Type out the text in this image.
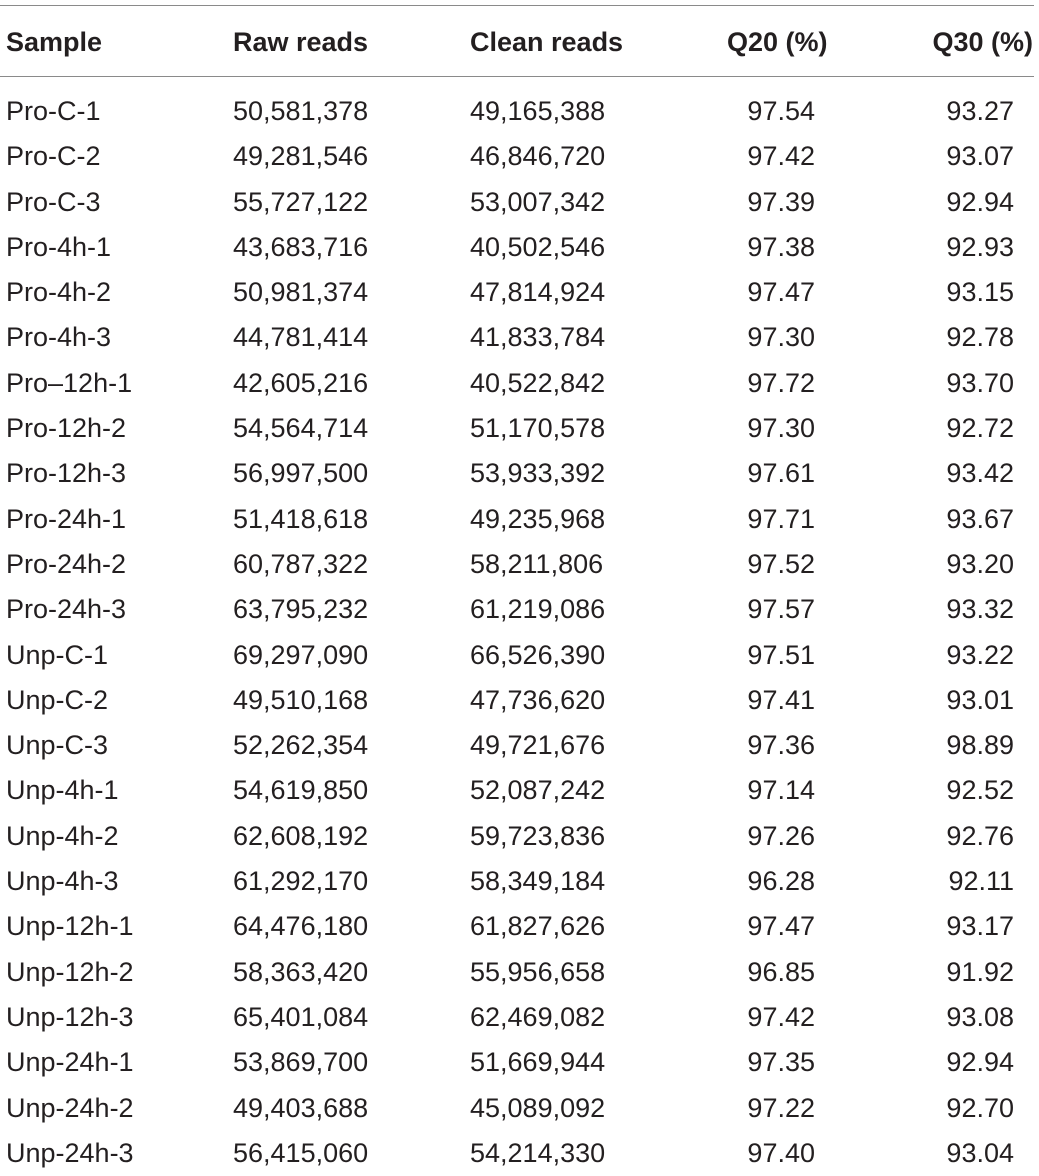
Sample	Raw reads	Clean reads	Q20 (%)	Q30 (%)
Pro-C-1	50,581,378	49,165,388	97.54	93.27
Pro-C-2	49,281,546	46,846,720	97.42	93.07
Pro-C-3	55,727,122	53,007,342	97.39	92.94
Pro-4h-1	43,683,716	40,502,546	97.38	92.93
Pro-4h-2	50,981,374	47,814,924	97.47	93.15
Pro-4h-3	44,781,414	41,833,784	97.30	92.78
Pro–12h-1	42,605,216	40,522,842	97.72	93.70
Pro-12h-2	54,564,714	51,170,578	97.30	92.72
Pro-12h-3	56,997,500	53,933,392	97.61	93.42
Pro-24h-1	51,418,618	49,235,968	97.71	93.67
Pro-24h-2	60,787,322	58,211,806	97.52	93.20
Pro-24h-3	63,795,232	61,219,086	97.57	93.32
Unp-C-1	69,297,090	66,526,390	97.51	93.22
Unp-C-2	49,510,168	47,736,620	97.41	93.01
Unp-C-3	52,262,354	49,721,676	97.36	98.89
Unp-4h-1	54,619,850	52,087,242	97.14	92.52
Unp-4h-2	62,608,192	59,723,836	97.26	92.76
Unp-4h-3	61,292,170	58,349,184	96.28	92.11
Unp-12h-1	64,476,180	61,827,626	97.47	93.17
Unp-12h-2	58,363,420	55,956,658	96.85	91.92
Unp-12h-3	65,401,084	62,469,082	97.42	93.08
Unp-24h-1	53,869,700	51,669,944	97.35	92.94
Unp-24h-2	49,403,688	45,089,092	97.22	92.70
Unp-24h-3	56,415,060	54,214,330	97.40	93.04
